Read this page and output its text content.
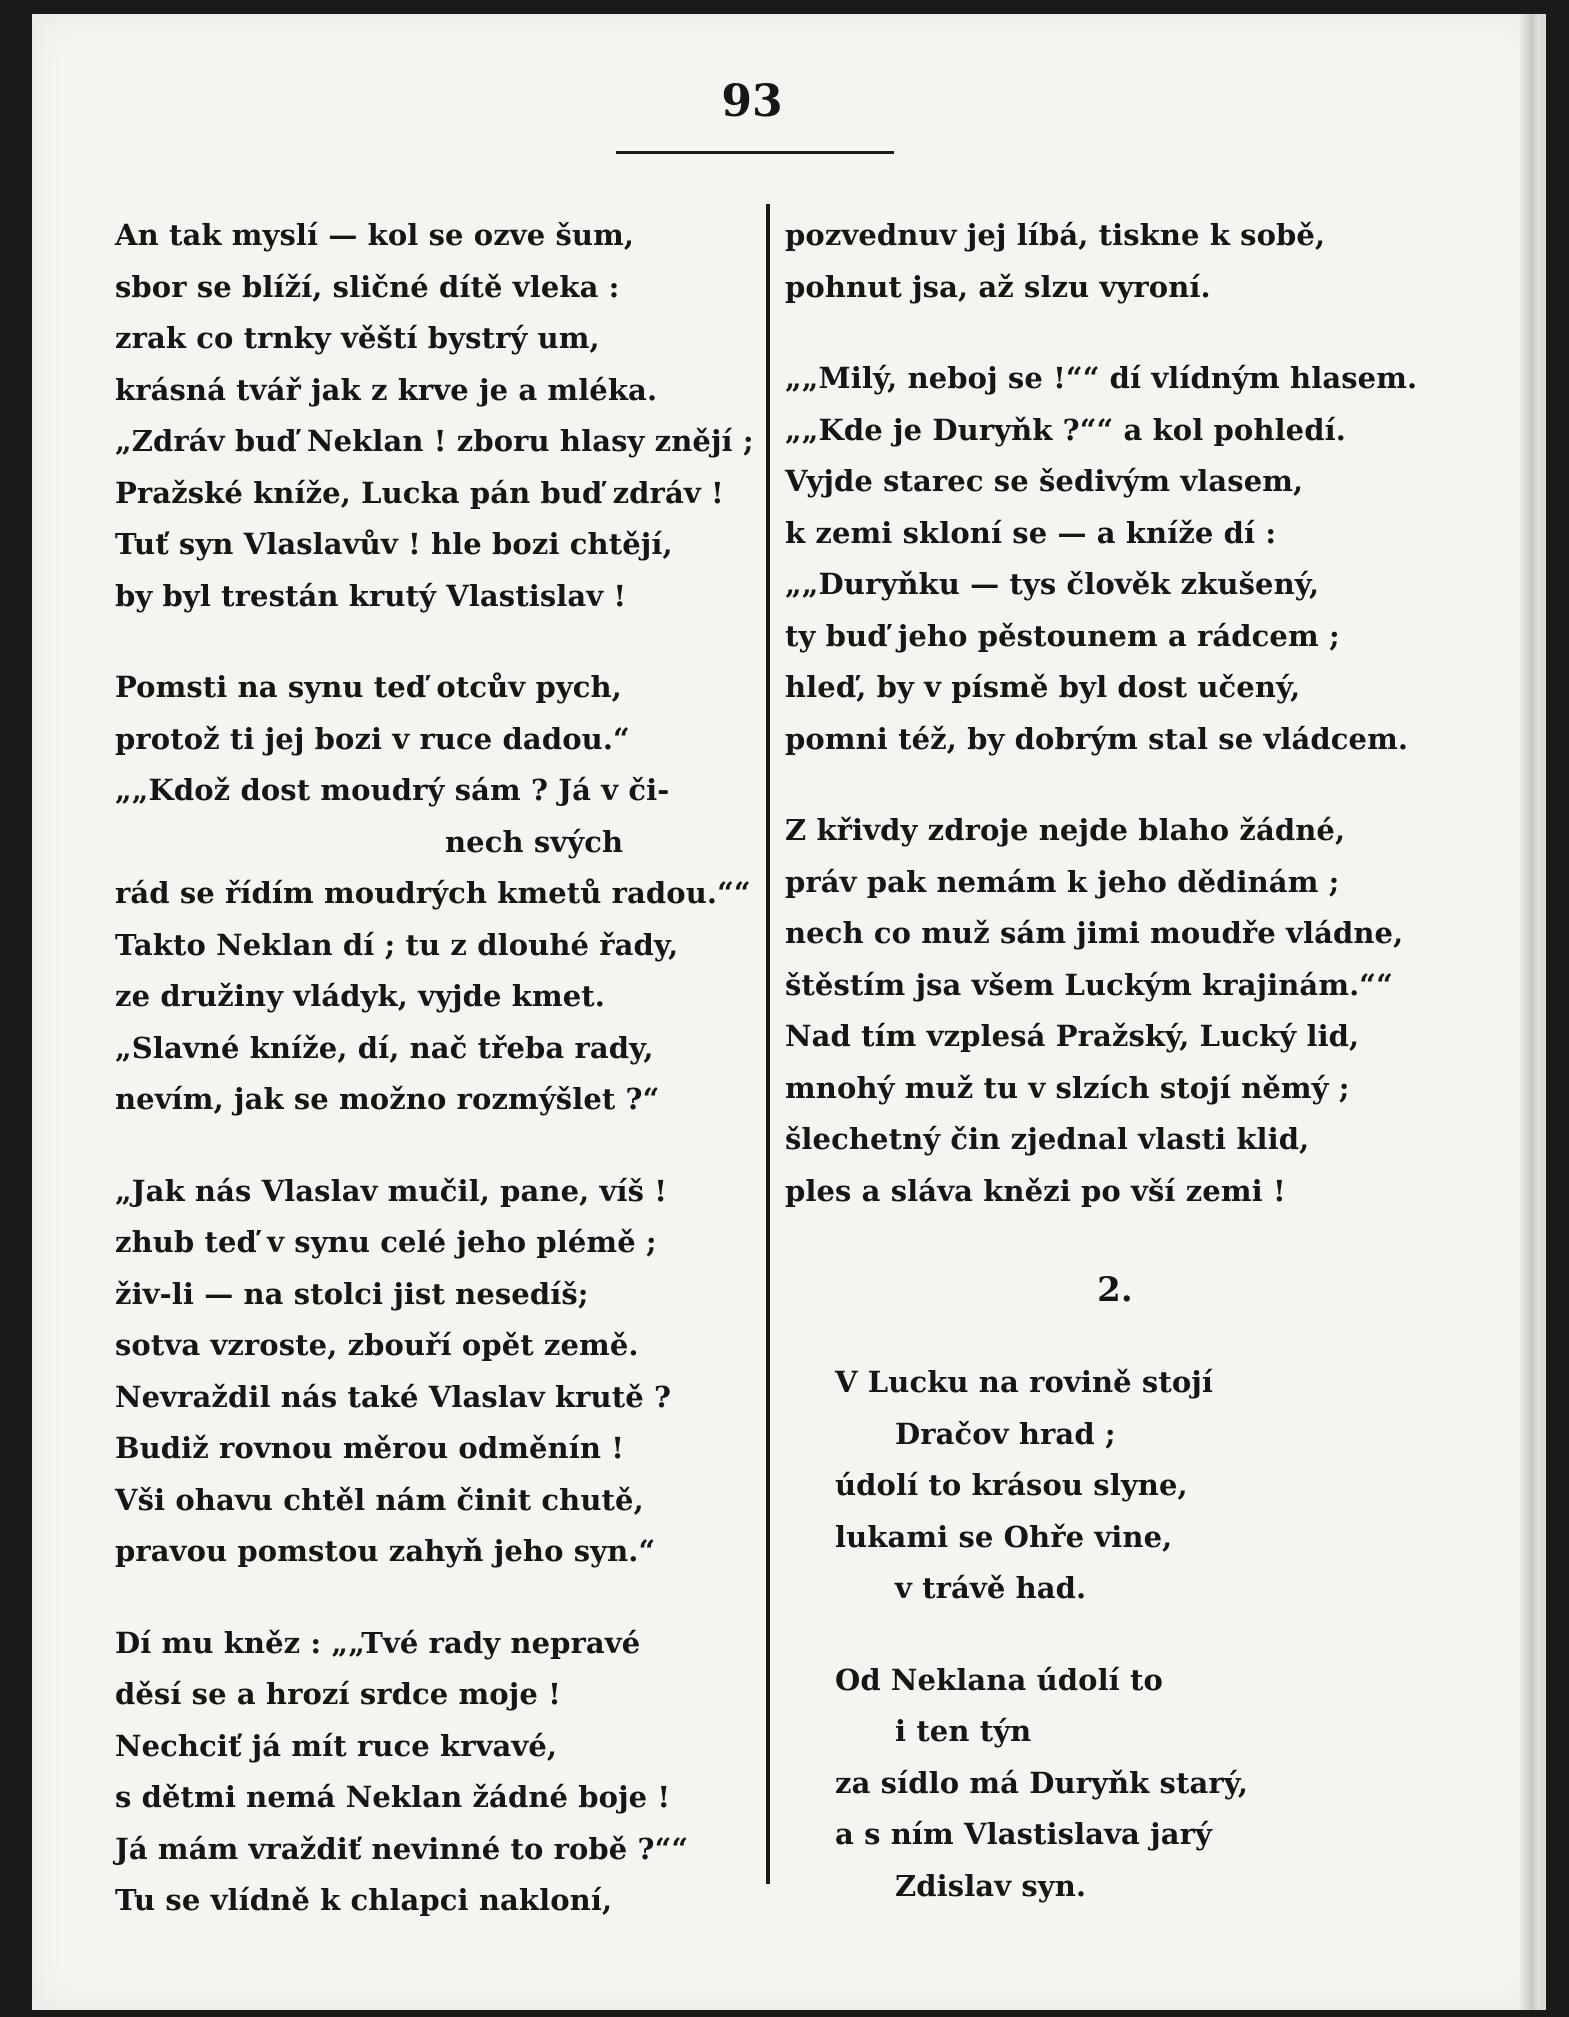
93
An tak myslí — kol se ozve šum,
sbor se blíží, sličné dítě vleka :
zrak co trnky věští bystrý um,
krásná tvář jak z krve je a mléka.
„Zdráv buď Neklan ! zboru hlasy znějí ;
Pražské kníže, Lucka pán buď zdráv !
Tuť syn Vlaslavův ! hle bozi chtějí,
by byl trestán krutý Vlastislav !
Pomsti na synu teď otcův pych,
protož ti jej bozi v ruce dadou.“
„„Kdož dost moudrý sám ? Já v či-
nech svých
rád se řídím moudrých kmetů radou.““
Takto Neklan dí ; tu z dlouhé řady,
ze družiny vládyk, vyjde kmet.
„Slavné kníže, dí, nač třeba rady,
nevím, jak se možno rozmýšlet ?“
„Jak nás Vlaslav mučil, pane, víš !
zhub teď v synu celé jeho plémě ;
živ-li — na stolci jist nesedíš;
sotva vzroste, zbouří opět země.
Nevraždil nás také Vlaslav krutě ?
Budiž rovnou měrou odměnín !
Vši ohavu chtěl nám činit chutě,
pravou pomstou zahyň jeho syn.“
Dí mu kněz : „„Tvé rady nepravé
děsí se a hrozí srdce moje !
Nechciť já mít ruce krvavé,
s dětmi nemá Neklan žádné boje !
Já mám vraždiť nevinné to robě ?““
Tu se vlídně k chlapci nakloní,
pozvednuv jej líbá, tiskne k sobě,
pohnut jsa, až slzu vyroní.
„„Milý, neboj se !““ dí vlídným hlasem.
„„Kde je Duryňk ?““ a kol pohledí.
Vyjde starec se šedivým vlasem,
k zemi skloní se — a kníže dí :
„„Duryňku — tys člověk zkušený,
ty buď jeho pěstounem a rádcem ;
hleď, by v písmě byl dost učený,
pomni též, by dobrým stal se vládcem.
Z křivdy zdroje nejde blaho žádné,
práv pak nemám k jeho dědinám ;
nech co muž sám jimi moudře vládne,
štěstím jsa všem Luckým krajinám.““
Nad tím vzplesá Pražský, Lucký lid,
mnohý muž tu v slzích stojí němý ;
šlechetný čin zjednal vlasti klid,
ples a sláva knězi po vší zemi !
2.
V Lucku na rovině stojí
Dračov hrad ;
údolí to krásou slyne,
lukami se Ohře vine,
v trávě had.
Od Neklana údolí to
i ten týn
za sídlo má Duryňk starý,
a s ním Vlastislava jarý
Zdislav syn.
